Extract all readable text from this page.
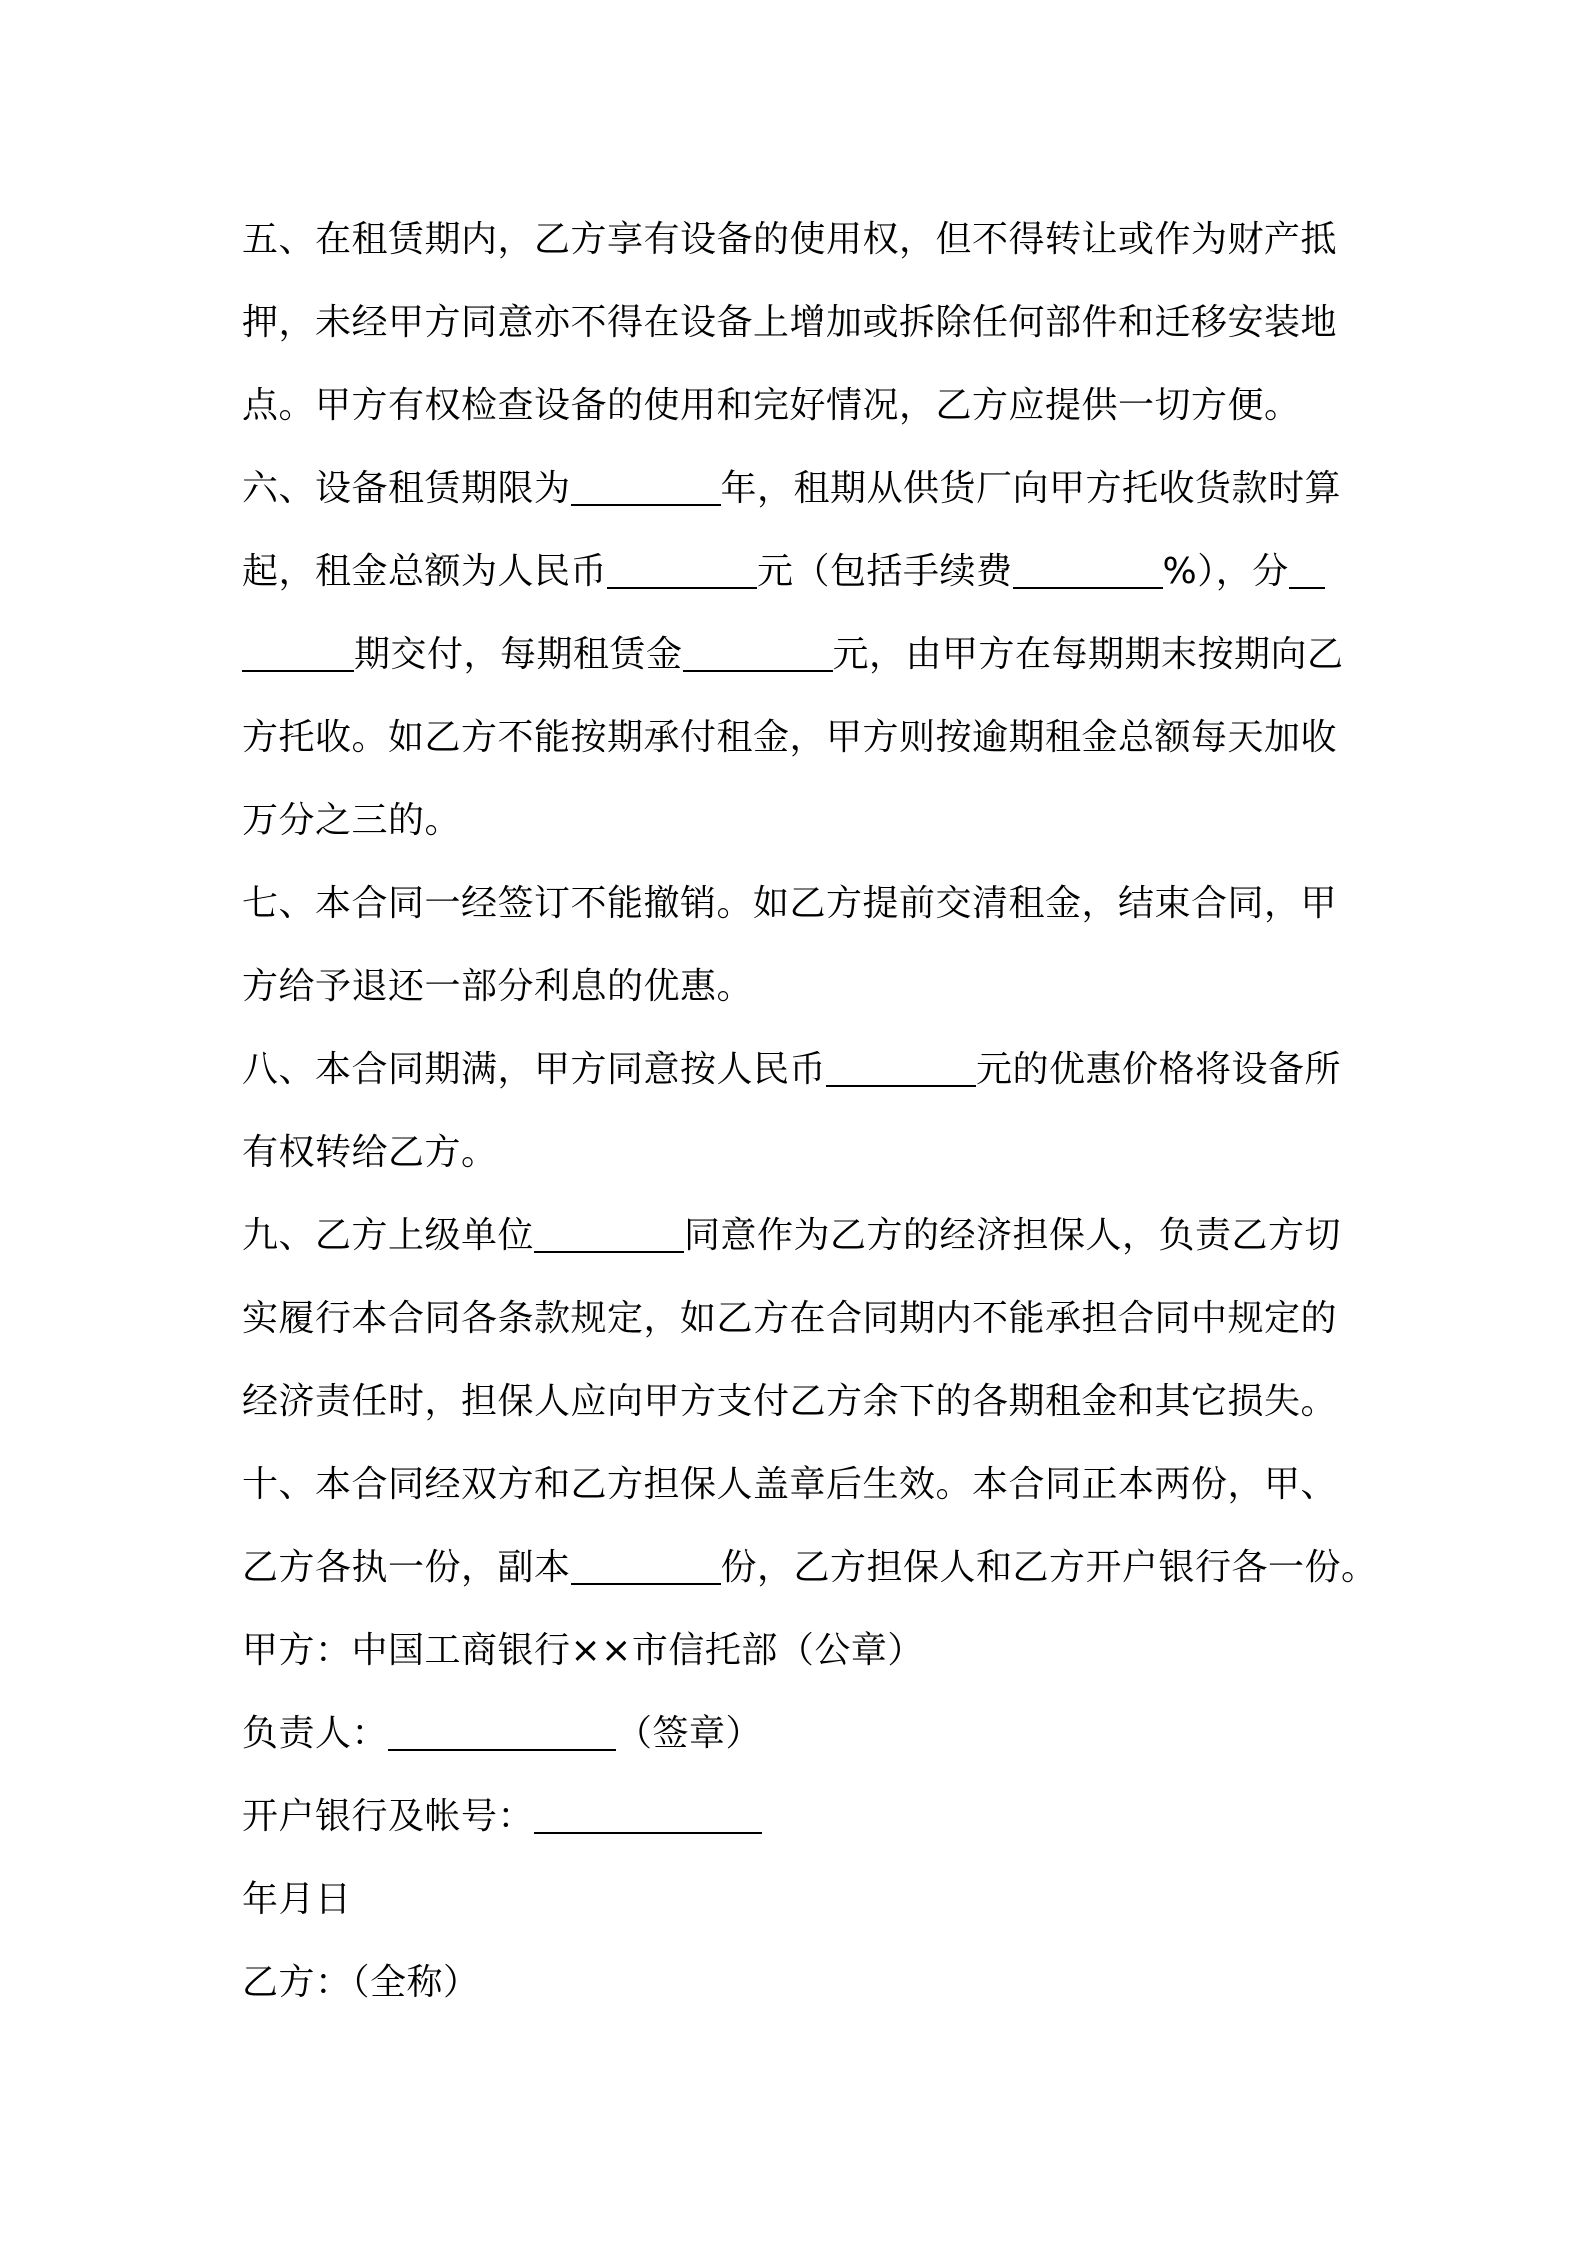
五、在租赁期内，乙方享有设备的使用权，但不得转让或作为财产抵
押，未经甲方同意亦不得在设备上增加或拆除任何部件和迁移安装地
点。甲方有权检查设备的使用和完好情况，乙方应提供一切方便。
六、设备租赁期限为	年，租期从供货厂向甲方托收货款时算
起，租金总额为人民币	元（包括手续费	%），分
期交付，每期租赁金	元，由甲方在每期期末按期向乙
方托收。如乙方不能按期承付租金，甲方则按逾期租金总额每天加收
万分之三的。
七、本合同一经签订不能撤销。如乙方提前交清租金，结束合同，甲
方给予退还一部分利息的优惠。
八、本合同期满，甲方同意按人民币	元的优惠价格将设备所
有权转给乙方。
九、乙方上级单位	同意作为乙方的经济担保人，负责乙方切
实履行本合同各条款规定，如乙方在合同期内不能承担合同中规定的
经济责任时，担保人应向甲方支付乙方余下的各期租金和其它损失。
十、本合同经双方和乙方担保人盖章后生效。本合同正本两份，甲、
乙方各执一份，副本	份，乙方担保人和乙方开户银行各一份。
甲方：中国工商银行××市信托部（公章）
负责人：	（签章）
开户银行及帐号：
年月日
乙方：（全称）
